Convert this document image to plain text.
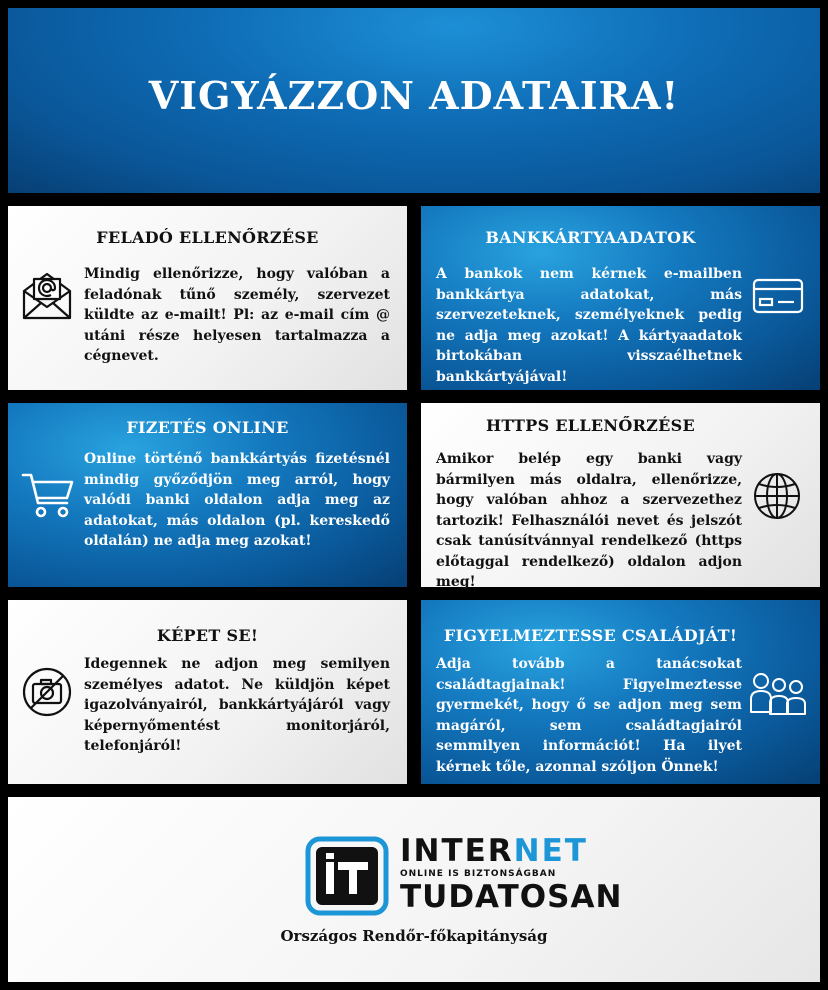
VIGYÁZZON ADATAIRA!
FELADÓ ELLENŐRZÉSE
Mindig ellenőrizze, hogy valóban a feladónak tűnő személy, szervezet küldte az e-mailt! Pl: az e-mail cím @ utáni része helyesen tartalmazza a cégnevet.
BANKKÁRTYAADATOK
A bankok nem kérnek e-mailben bankkártya adatokat, más szervezeteknek, személyeknek pedig ne adja meg azokat! A kártyaadatok birtokában visszaélhetnek bankkártyájával!
FIZETÉS ONLINE
Online történő bankkártyás fizetésnél mindig győződjön meg arról, hogy valódi banki oldalon adja meg az adatokat, más oldalon (pl. kereskedő oldalán) ne adja meg azokat!
HTTPS ELLENŐRZÉSE
Amikor belép egy banki vagy bármilyen más oldalra, ellenőrizze, hogy valóban ahhoz a szervezethez tartozik! Felhasználói nevet és jelszót csak tanúsítvánnyal rendelkező (https előtaggal rendelkező) oldalon adjon meg!
KÉPET SE!
Idegennek ne adjon meg semilyen személyes adatot. Ne küldjön képet igazolványairól, bankkártyájáról vagy képernyőmentést monitorjáról, telefonjáról!
FIGYELMEZTESSE CSALÁDJÁT!
Adja tovább a tanácsokat családtagjainak! Figyelmeztesse gyermekét, hogy ő se adjon meg sem magáról, sem családtagjairól semmilyen információt! Ha ilyet kérnek tőle, azonnal szóljon Önnek!
INTERNET
ONLINE IS BIZTONSÁGBAN
TUDATOSAN
Országos Rendőr-főkapitányság
